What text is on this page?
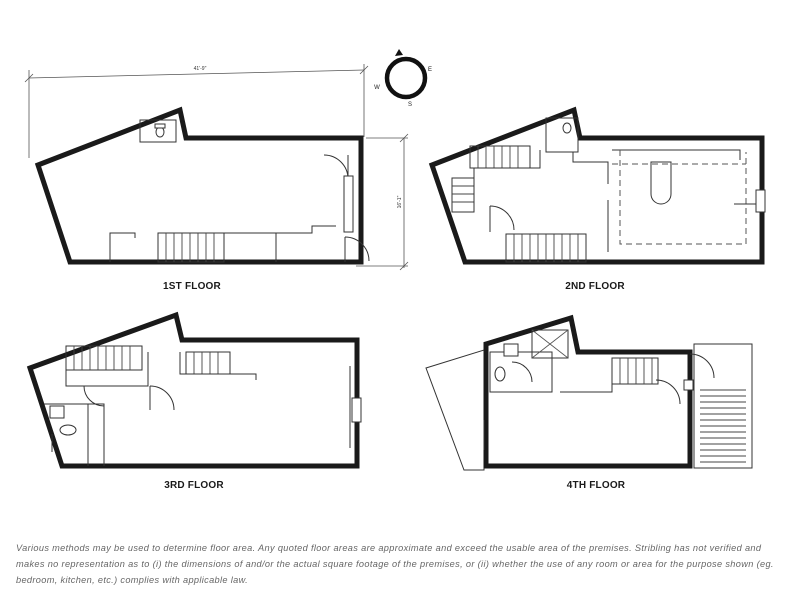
E
S
W
41'-9"
16'-1"
1ST FLOOR	2ND FLOOR
3RD FLOOR	4TH FLOOR

Various methods may be used to determine floor area. Any quoted floor areas are approximate and exceed the usable area of the premises. Stribling has not verified and makes no representation as to (i) the dimensions of and/or the actual square footage of the premises, or (ii) whether the use of any room or area for the purpose shown (eg. bedroom, kitchen, etc.) complies with applicable law.
